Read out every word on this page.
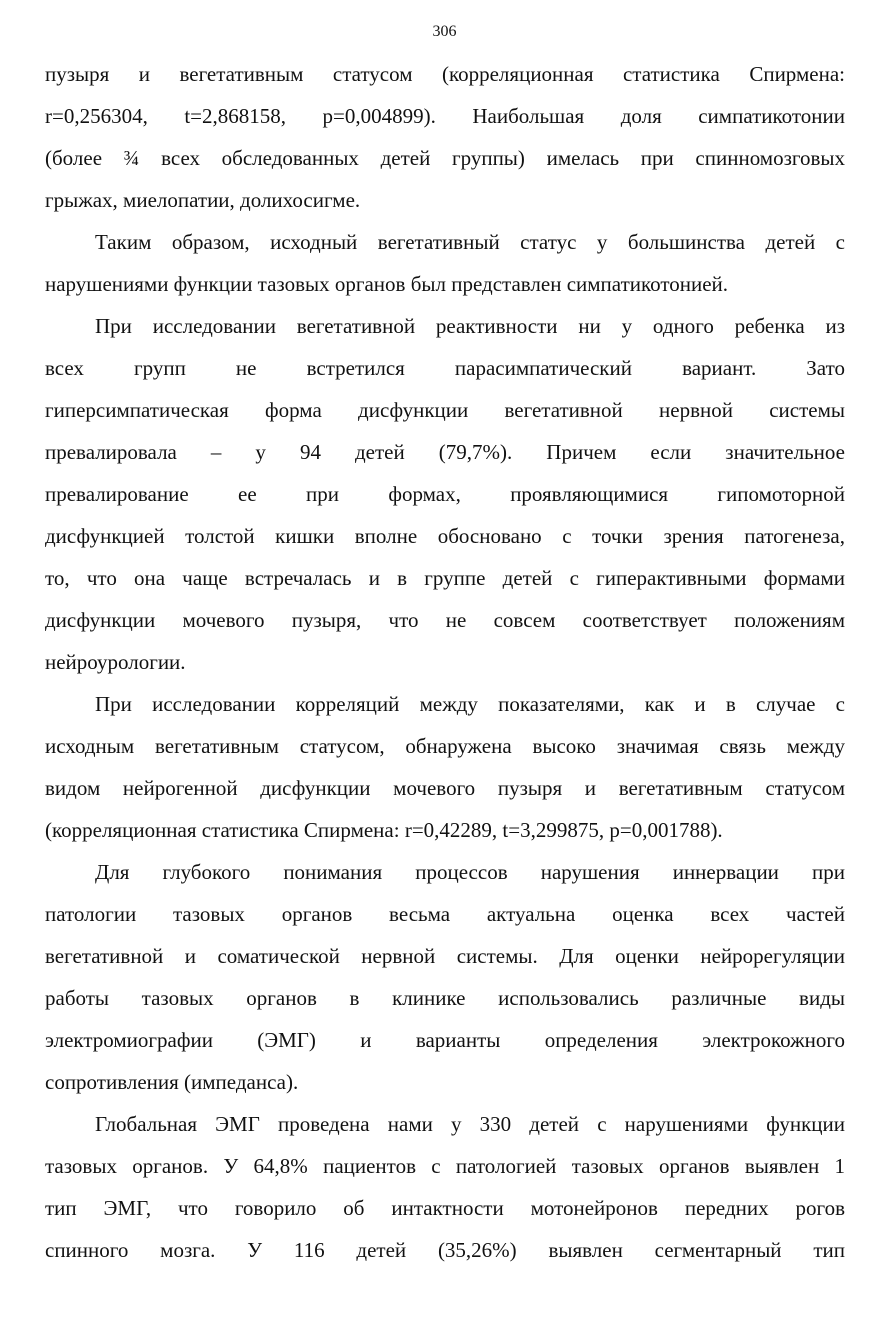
306
пузыря и вегетативным статусом (корреляционная статистика Спирмена:
r=0,256304, t=2,868158, p=0,004899). Наибольшая доля симпатикотонии
(более ¾ всех обследованных детей группы) имелась при спинномозговых
грыжах, миелопатии, долихосигме.
Таким образом, исходный вегетативный статус у большинства детей с
нарушениями функции тазовых органов был представлен симпатикотонией.
При исследовании вегетативной реактивности ни у одного ребенка из
всех групп не встретился парасимпатический вариант. Зато
гиперсимпатическая форма дисфункции вегетативной нервной системы
превалировала – у 94 детей (79,7%). Причем если значительное
превалирование ее при формах, проявляющимися гипомоторной
дисфункцией толстой кишки вполне обосновано с точки зрения патогенеза,
то, что она чаще встречалась и в группе детей с гиперактивными формами
дисфункции мочевого пузыря, что не совсем соответствует положениям
нейроурологии.
При исследовании корреляций между показателями, как и в случае с
исходным вегетативным статусом, обнаружена высоко значимая связь между
видом нейрогенной дисфункции мочевого пузыря и вегетативным статусом
(корреляционная статистика Спирмена: r=0,42289, t=3,299875, p=0,001788).
Для глубокого понимания процессов нарушения иннервации при
патологии тазовых органов весьма актуальна оценка всех частей
вегетативной и соматической нервной системы. Для оценки нейрорегуляции
работы тазовых органов в клинике использовались различные виды
электромиографии (ЭМГ) и варианты определения электрокожного
сопротивления (импеданса).
Глобальная ЭМГ проведена нами у 330 детей с нарушениями функции
тазовых органов. У 64,8% пациентов с патологией тазовых органов выявлен 1
тип ЭМГ, что говорило об интактности мотонейронов передних рогов
спинного мозга. У 116 детей (35,26%) выявлен сегментарный тип
